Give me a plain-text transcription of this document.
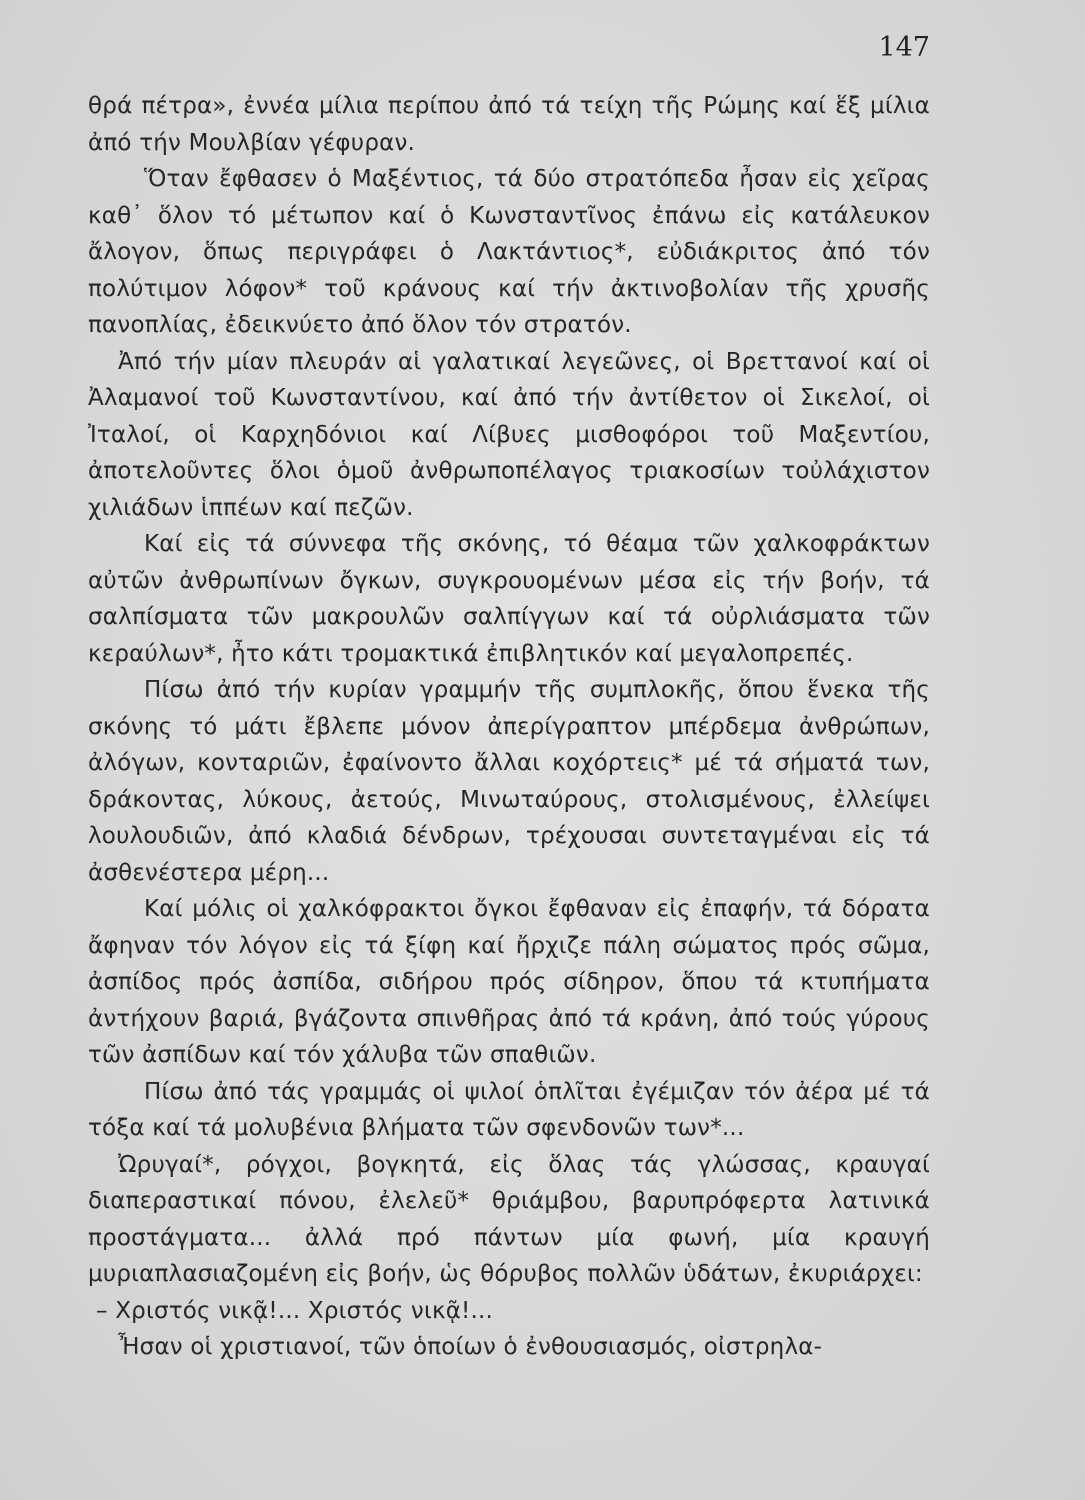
147

θρά πέτρα», ἐννέα μίλια περίπου ἀπό τά τείχη τῆς Ρώμης καί ἕξ μίλια ἀπό τήν Μουλβίαν γέφυραν.

Ὅταν ἔφθασεν ὁ Μαξέντιος, τά δύο στρατόπεδα ἦσαν εἰς χεῖρας καθ᾽ ὅλον τό μέτωπον καί ὁ Κωνσταντῖνος ἐπάνω εἰς κατάλευκον ἄλογον, ὅπως περιγράφει ὁ Λακτάντιος*, εὐδιάκριτος ἀπό τόν πολύτιμον λόφον* τοῦ κράνους καί τήν ἀκτινοβολίαν τῆς χρυσῆς πανοπλίας, ἐδεικνύετο ἀπό ὅλον τόν στρατόν.

Ἀπό τήν μίαν πλευράν αἱ γαλατικαί λεγεῶνες, οἱ Βρεττανοί καί οἱ Ἀλαμανοί τοῦ Κωνσταντίνου, καί ἀπό τήν ἀντίθετον οἱ Σικελοί, οἱ Ἰταλοί, οἱ Καρχηδόνιοι καί Λίβυες μισθοφόροι τοῦ Μαξεντίου, ἀποτελοῦντες ὅλοι ὁμοῦ ἀνθρωποπέλαγος τριακοσίων τοὐλάχιστον χιλιάδων ἱππέων καί πεζῶν.

Καί εἰς τά σύννεφα τῆς σκόνης, τό θέαμα τῶν χαλκοφράκτων αὐτῶν ἀνθρωπίνων ὄγκων, συγκρουομένων μέσα εἰς τήν βοήν, τά σαλπίσματα τῶν μακρουλῶν σαλπίγγων καί τά οὐρλιάσματα τῶν κεραύλων*, ἦτο κάτι τρομακτικά ἐπιβλητικόν καί μεγαλοπρεπές.

Πίσω ἀπό τήν κυρίαν γραμμήν τῆς συμπλοκῆς, ὅπου ἕνεκα τῆς σκόνης τό μάτι ἔβλεπε μόνον ἀπερίγραπτον μπέρδεμα ἀνθρώπων, ἀλόγων, κονταριῶν, ἐφαίνοντο ἄλλαι κοχόρτεις* μέ τά σήματά των, δράκοντας, λύκους, ἀετούς, Μινωταύρους, στολισμένους, ἐλλείψει λουλουδιῶν, ἀπό κλαδιά δένδρων, τρέχουσαι συντεταγμέναι εἰς τά ἀσθενέστερα μέρη...

Καί μόλις οἱ χαλκόφρακτοι ὄγκοι ἔφθαναν εἰς ἐπαφήν, τά δόρατα ἄφηναν τόν λόγον εἰς τά ξίφη καί ἤρχιζε πάλη σώματος πρός σῶμα, ἀσπίδος πρός ἀσπίδα, σιδήρου πρός σίδηρον, ὅπου τά κτυπήματα ἀντήχουν βαριά, βγάζοντα σπινθῆρας ἀπό τά κράνη, ἀπό τούς γύρους τῶν ἀσπίδων καί τόν χάλυβα τῶν σπαθιῶν.

Πίσω ἀπό τάς γραμμάς οἱ ψιλοί ὁπλῖται ἐγέμιζαν τόν ἀέρα μέ τά τόξα καί τά μολυβένια βλήματα τῶν σφενδονῶν των*...

Ὠρυγαί*, ρόγχοι, βογκητά, εἰς ὅλας τάς γλώσσας, κραυγαί διαπεραστικαί πόνου, ἐλελεῦ* θριάμβου, βαρυπρόφερτα λατινικά προστάγματα... ἀλλά πρό πάντων μία φωνή, μία κραυγή μυριαπλασιαζομένη εἰς βοήν, ὡς θόρυβος πολλῶν ὑδάτων, ἐκυριάρχει:

– Χριστός νικᾷ!... Χριστός νικᾷ!...

Ἦσαν οἱ χριστιανοί, τῶν ὁποίων ὁ ἐνθουσιασμός, οἰστρηλα-
